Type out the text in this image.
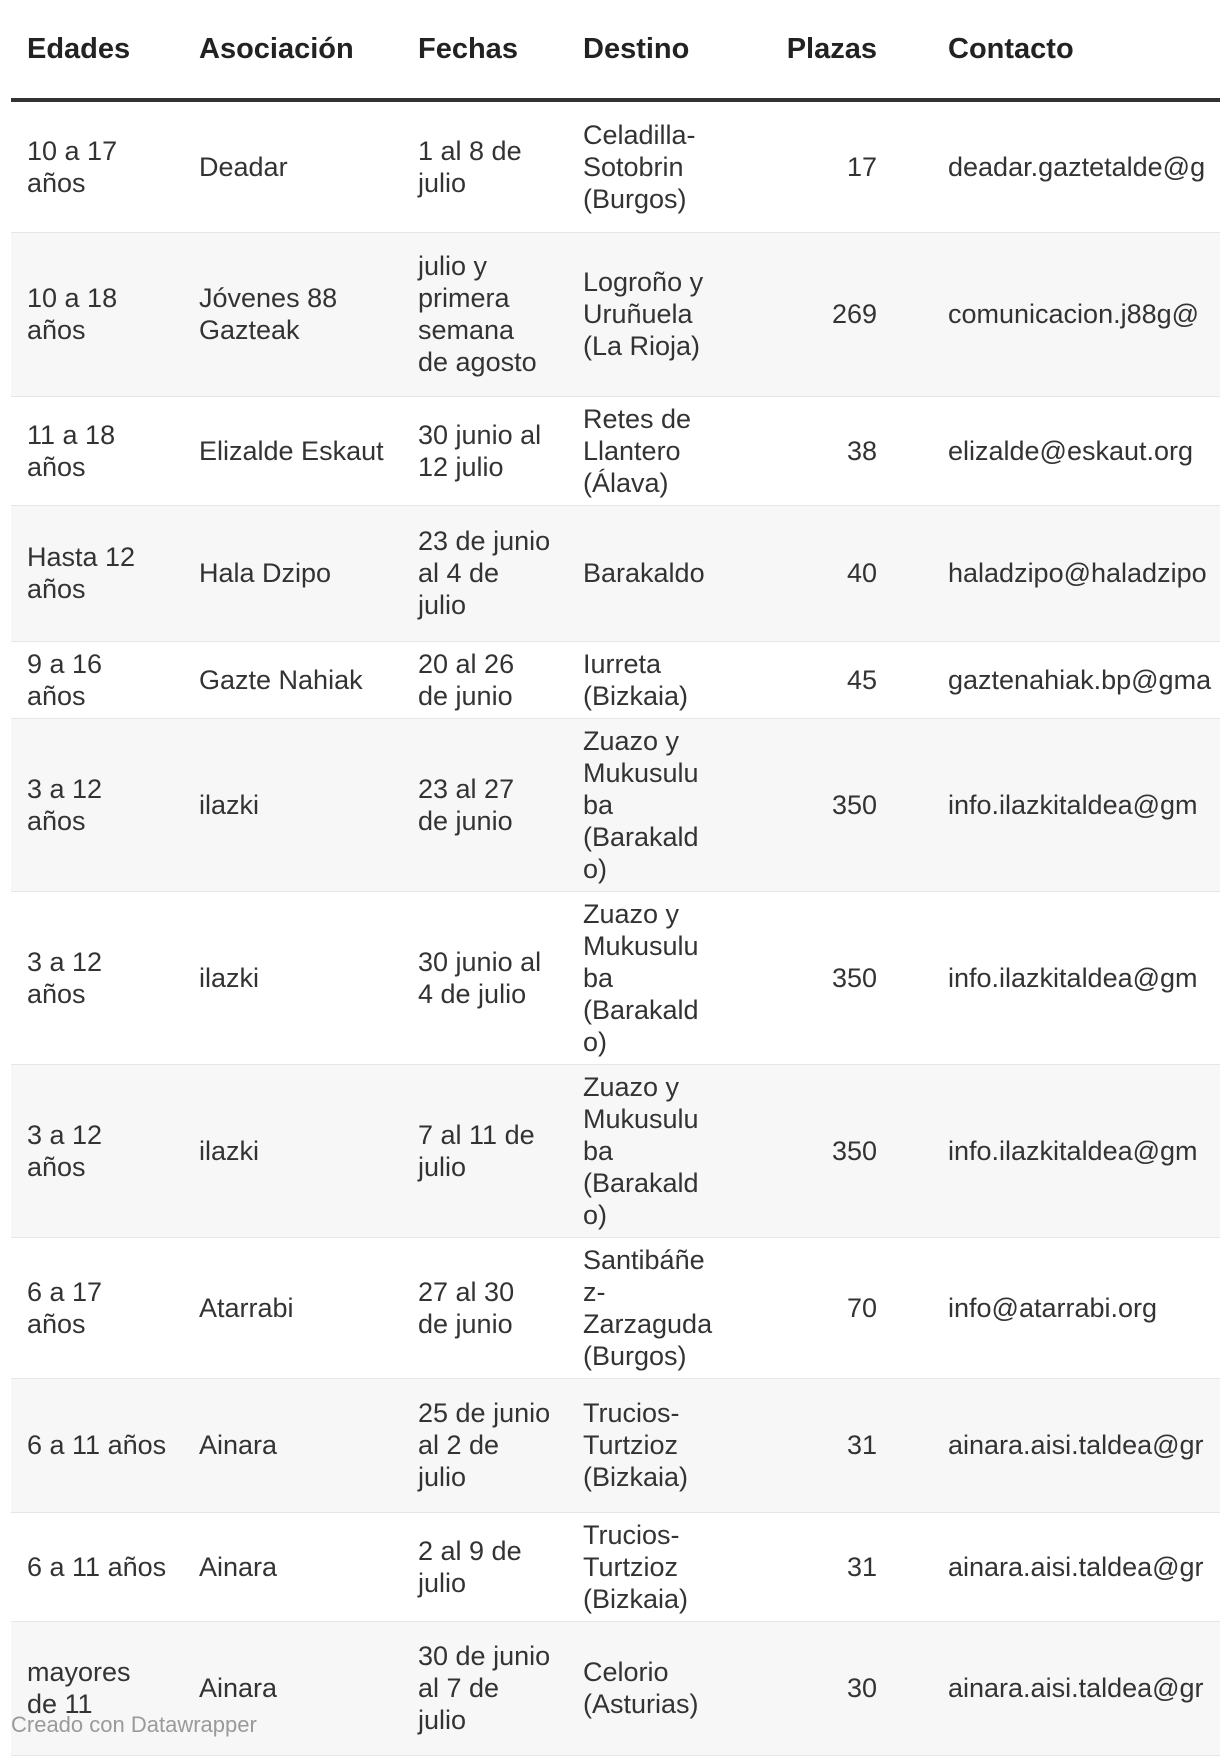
Edades	Asociación	Fechas	Destino	Plazas	Contacto
10 a 17 años	Deadar	1 al 8 de julio	Celadilla-Sotobrin (Burgos)	17	deadar.gaztetalde@g
10 a 18 años	Jóvenes 88 Gazteak	julio y primera semana de agosto	Logroño y Uruñuela (La Rioja)	269	comunicacion.j88g@
11 a 18 años	Elizalde Eskaut	30 junio al 12 julio	Retes de Llantero (Álava)	38	elizalde@eskaut.org
Hasta 12 años	Hala Dzipo	23 de junio al 4 de julio	Barakaldo	40	haladzipo@haladzipo
9 a 16 años	Gazte Nahiak	20 al 26 de junio	Iurreta (Bizkaia)	45	gaztenahiak.bp@gma
3 a 12 años	ilazki	23 al 27 de junio	Zuazo y Mukusuluba (Barakaldo)	350	info.ilazkitaldea@gm
3 a 12 años	ilazki	30 junio al 4 de julio	Zuazo y Mukusuluba (Barakaldo)	350	info.ilazkitaldea@gm
3 a 12 años	ilazki	7 al 11 de julio	Zuazo y Mukusuluba (Barakaldo)	350	info.ilazkitaldea@gm
6 a 17 años	Atarrabi	27 al 30 de junio	Santibáñez-Zarzaguda (Burgos)	70	info@atarrabi.org
6 a 11 años	Ainara	25 de junio al 2 de julio	Trucios-Turtzioz (Bizkaia)	31	ainara.aisi.taldea@gr
6 a 11 años	Ainara	2 al 9 de julio	Trucios-Turtzioz (Bizkaia)	31	ainara.aisi.taldea@gr
mayores de 11	Ainara	30 de junio al 7 de julio	Celorio (Asturias)	30	ainara.aisi.taldea@gr
Creado con Datawrapper
